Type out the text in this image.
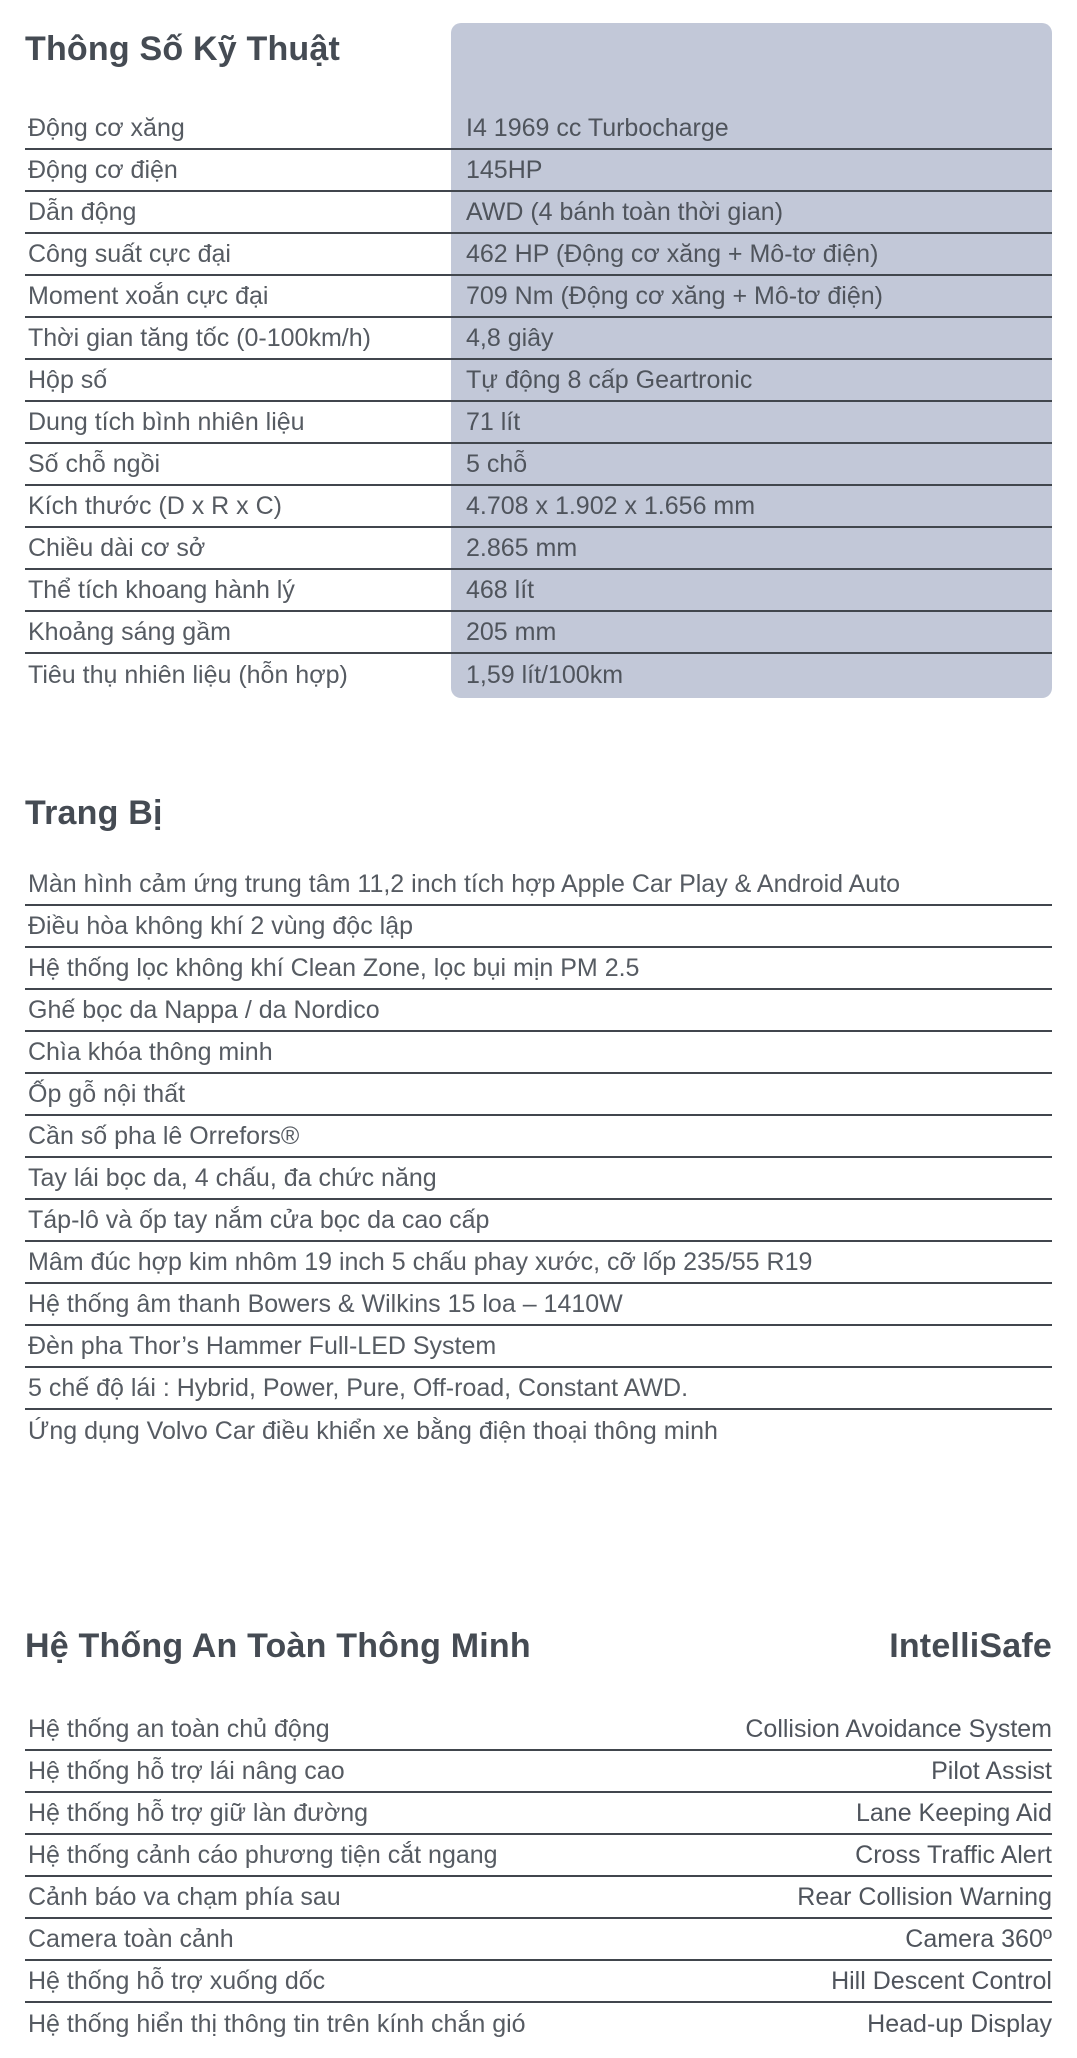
Thông Số Kỹ Thuật
Động cơ xăng	I4 1969 cc Turbocharge
Động cơ điện	145HP
Dẫn động	AWD (4 bánh toàn thời gian)
Công suất cực đại	462 HP (Động cơ xăng + Mô-tơ điện)
Moment xoắn cực đại	709 Nm (Động cơ xăng + Mô-tơ điện)
Thời gian tăng tốc (0-100km/h)	4,8 giây
Hộp số	Tự động 8 cấp Geartronic
Dung tích bình nhiên liệu	71 lít
Số chỗ ngồi	5 chỗ
Kích thước (D x R x C)	4.708 x 1.902 x 1.656 mm
Chiều dài cơ sở	2.865 mm
Thể tích khoang hành lý	468 lít
Khoảng sáng gầm	205 mm
Tiêu thụ nhiên liệu (hỗn hợp)	1,59 lít/100km
Trang Bị
Màn hình cảm ứng trung tâm 11,2 inch tích hợp Apple Car Play & Android Auto
Điều hòa không khí 2 vùng độc lập
Hệ thống lọc không khí Clean Zone, lọc bụi mịn PM 2.5
Ghế bọc da Nappa / da Nordico
Chìa khóa thông minh
Ốp gỗ nội thất
Cần số pha lê Orrefors®
Tay lái bọc da, 4 chấu, đa chức năng
Táp-lô và ốp tay nắm cửa bọc da cao cấp
Mâm đúc hợp kim nhôm 19 inch 5 chấu phay xước, cỡ lốp 235/55 R19
Hệ thống âm thanh Bowers & Wilkins 15 loa – 1410W
Đèn pha Thor’s Hammer Full-LED System
5 chế độ lái : Hybrid, Power, Pure, Off-road, Constant AWD.
Ứng dụng Volvo Car điều khiển xe bằng điện thoại thông minh
Hệ Thống An Toàn Thông Minh	IntelliSafe
Hệ thống an toàn chủ động	Collision Avoidance System
Hệ thống hỗ trợ lái nâng cao	Pilot Assist
Hệ thống hỗ trợ giữ làn đường	Lane Keeping Aid
Hệ thống cảnh cáo phương tiện cắt ngang	Cross Traffic Alert
Cảnh báo va chạm phía sau	Rear Collision Warning
Camera toàn cảnh	Camera 360º
Hệ thống hỗ trợ xuống dốc	Hill Descent Control
Hệ thống hiển thị thông tin trên kính chắn gió	Head-up Display
